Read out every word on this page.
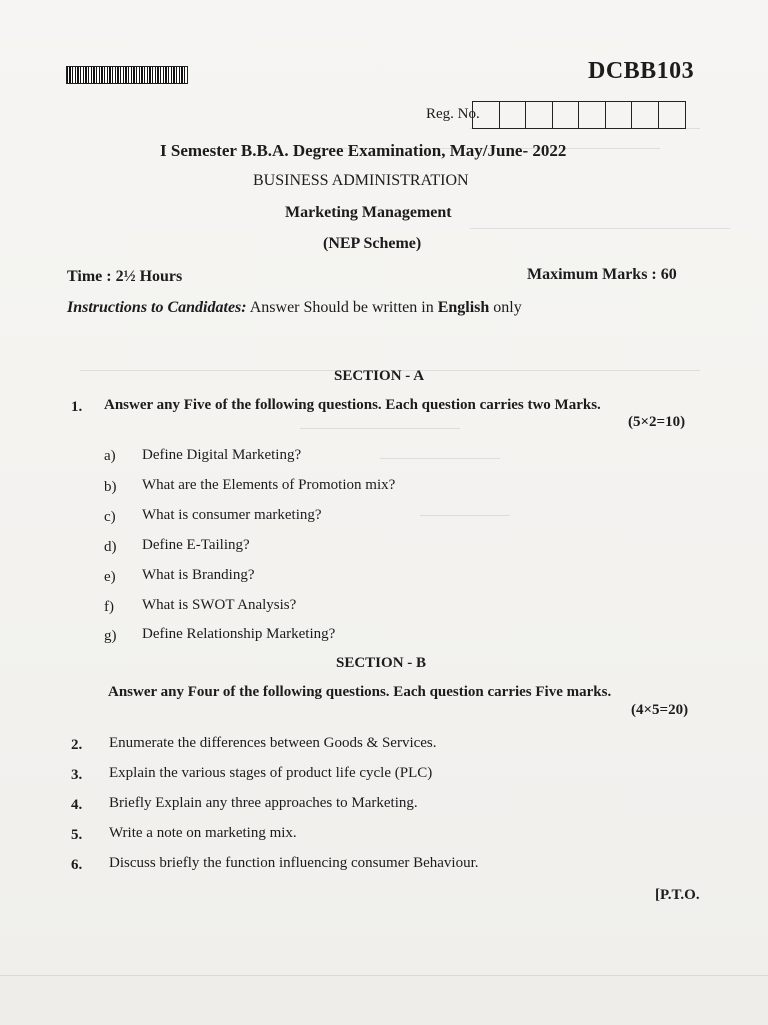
DCBB103
Reg. No.
I Semester B.B.A. Degree Examination, May/June- 2022
BUSINESS ADMINISTRATION
Marketing Management
(NEP Scheme)
Time : 2½ Hours	Maximum Marks : 60
Instructions to Candidates: Answer Should be written in English only
SECTION - A
1. Answer any Five of the following questions. Each question carries two Marks.
(5×2=10)
a) Define Digital Marketing?
b) What are the Elements of Promotion mix?
c) What is consumer marketing?
d) Define E-Tailing?
e) What is Branding?
f) What is SWOT Analysis?
g) Define Relationship Marketing?
SECTION - B
Answer any Four of the following questions. Each question carries Five marks.
(4×5=20)
2. Enumerate the differences between Goods & Services.
3. Explain the various stages of product life cycle (PLC)
4. Briefly Explain any three approaches to Marketing.
5. Write a note on marketing mix.
6. Discuss briefly the function influencing consumer Behaviour.
[P.T.O.
